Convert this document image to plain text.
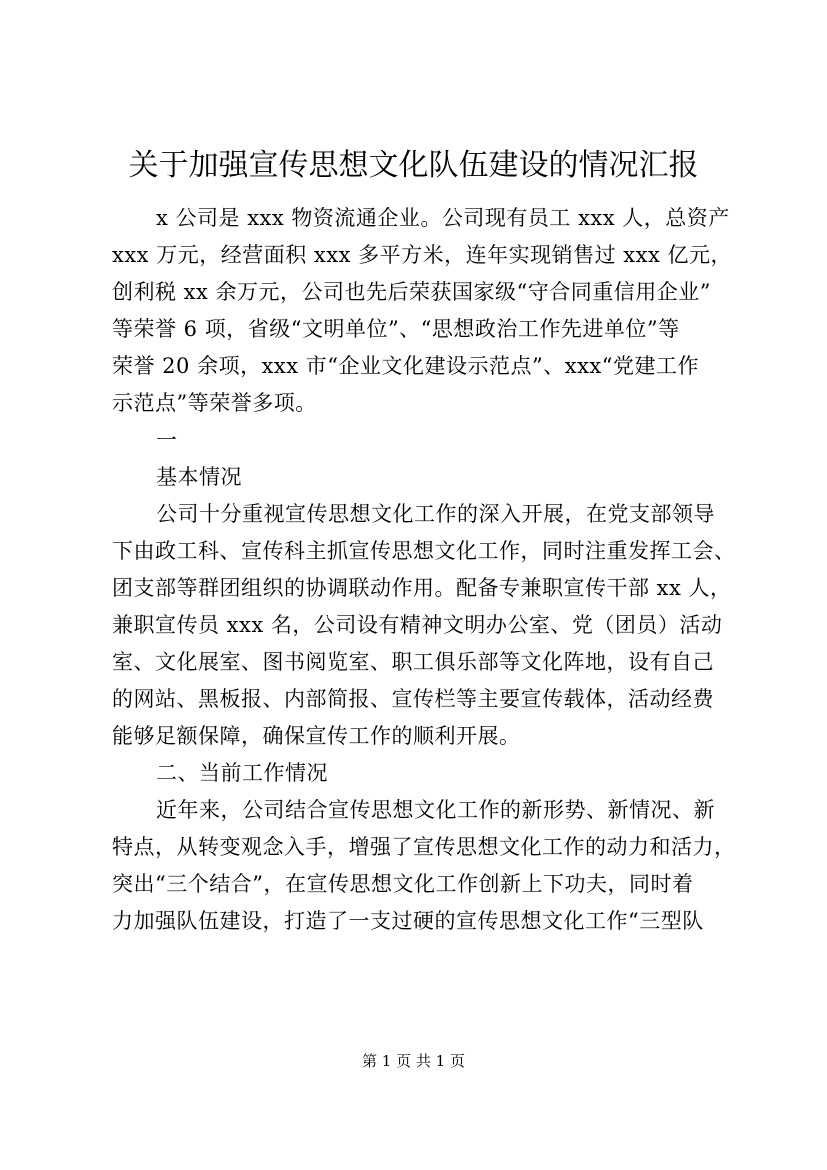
关于加强宣传思想文化队伍建设的情况汇报
x 公司是 xxx 物资流通企业。公司现有员工 xxx 人，总资产
xxx 万元，经营面积 xxx 多平方米，连年实现销售过 xxx 亿元，
创利税 xx 余万元，公司也先后荣获国家级“守合同重信用企业”
等荣誉 6 项，省级“文明单位”、“思想政治工作先进单位”等
荣誉 20 余项，xxx 市“企业文化建设示范点”、xxx“党建工作
示范点”等荣誉多项。
一
基本情况
公司十分重视宣传思想文化工作的深入开展，在党支部领导
下由政工科、宣传科主抓宣传思想文化工作，同时注重发挥工会、
团支部等群团组织的协调联动作用。配备专兼职宣传干部 xx 人，
兼职宣传员 xxx 名，公司设有精神文明办公室、党（团员）活动
室、文化展室、图书阅览室、职工俱乐部等文化阵地，设有自己
的网站、黑板报、内部简报、宣传栏等主要宣传载体，活动经费
能够足额保障，确保宣传工作的顺利开展。
二、当前工作情况
近年来，公司结合宣传思想文化工作的新形势、新情况、新
特点，从转变观念入手，增强了宣传思想文化工作的动力和活力，
突出“三个结合”，在宣传思想文化工作创新上下功夫，同时着
力加强队伍建设，打造了一支过硬的宣传思想文化工作“三型队
第 1 页 共 1 页
